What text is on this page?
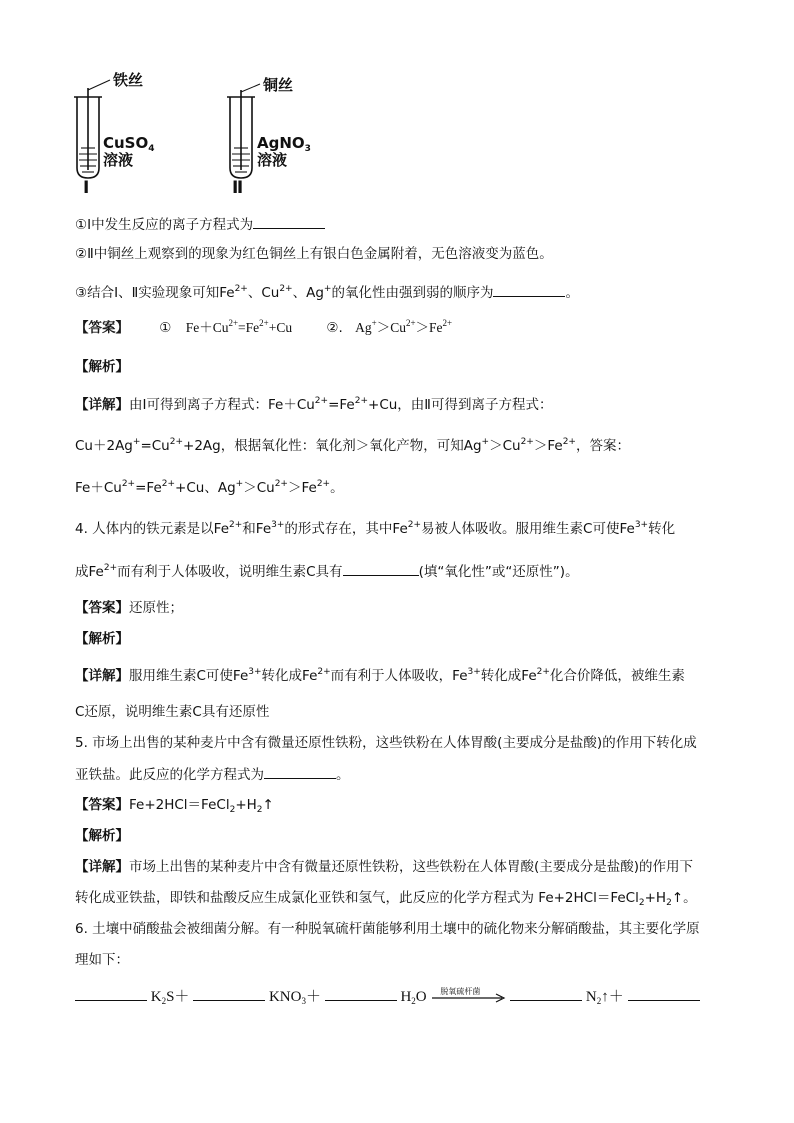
铁丝
CuSO$_4$
溶液
Ⅰ
铜丝
AgNO$_3$
溶液
Ⅱ
①Ⅰ中发生反应的离子方程式为
②Ⅱ中铜丝上观察到的现象为红色铜丝上有银白色金属附着，无色溶液变为蓝色。
③结合Ⅰ、Ⅱ实验现象可知$Fe^{2+}$、$Cu^{2+}$、Ag+的氧化性由强到弱的顺序为	。
【答案】 ① $Fe+Cu^{2+}=Fe^{2+}+Cu$	②. $Ag^+>Cu^{2+}>Fe^{2+}$
【解析】
【详解】由Ⅰ可得到离子方程式：$Fe+Cu^{2+}=Fe^{2+}+Cu$，由Ⅱ可得到离子方程式：
$Cu+2Ag^+=Cu^{2+}+2Ag$，根据氧化性：氧化剂＞氧化产物，可知$Ag^+>Cu^{2+}>Fe^{2+}$，答案：
$Fe+Cu^{2+}=Fe^{2+}+Cu$、$Ag^+>Cu^{2+}>Fe^{2+}$。
4. 人体内的铁元素是以$Fe^{2+}$和$Fe^{3+}$的形式存在，其中$Fe^{2+}$易被人体吸收。服用维生素C可使$Fe^{3+}$转化
成$Fe^{2+}$而有利于人体吸收，说明维生素C具有	(填“氧化性”或“还原性”)。
【答案】还原性；
【解析】
【详解】服用维生素C可使$Fe^{3+}$转化成$Fe^{2+}$而有利于人体吸收，$Fe^{3+}$转化成$Fe^{2+}$化合价降低，被维生素
C还原，说明维生素C具有还原性
5. 市场上出售的某种麦片中含有微量还原性铁粉，这些铁粉在人体胃酸(主要成分是盐酸)的作用下转化成
亚铁盐。此反应的化学方程式为	。
【答案】$Fe+2HCl=FeCl_2+H_2↑$
【解析】
【详解】市场上出售的某种麦片中含有微量还原性铁粉，这些铁粉在人体胃酸(主要成分是盐酸)的作用下
转化成亚铁盐，即铁和盐酸反应生成氯化亚铁和氢气，此反应的化学方程式为 $Fe+2HCl=FeCl_2+H_2↑$。
6. 土壤中硝酸盐会被细菌分解。有一种脱氧硫杆菌能够利用土壤中的硫化物来分解硝酸盐，其主要化学原
理如下：
$K_2S+$	$KNO_3+$	$H_2O$ 脱氧硫杆菌	$N_2↑+$
